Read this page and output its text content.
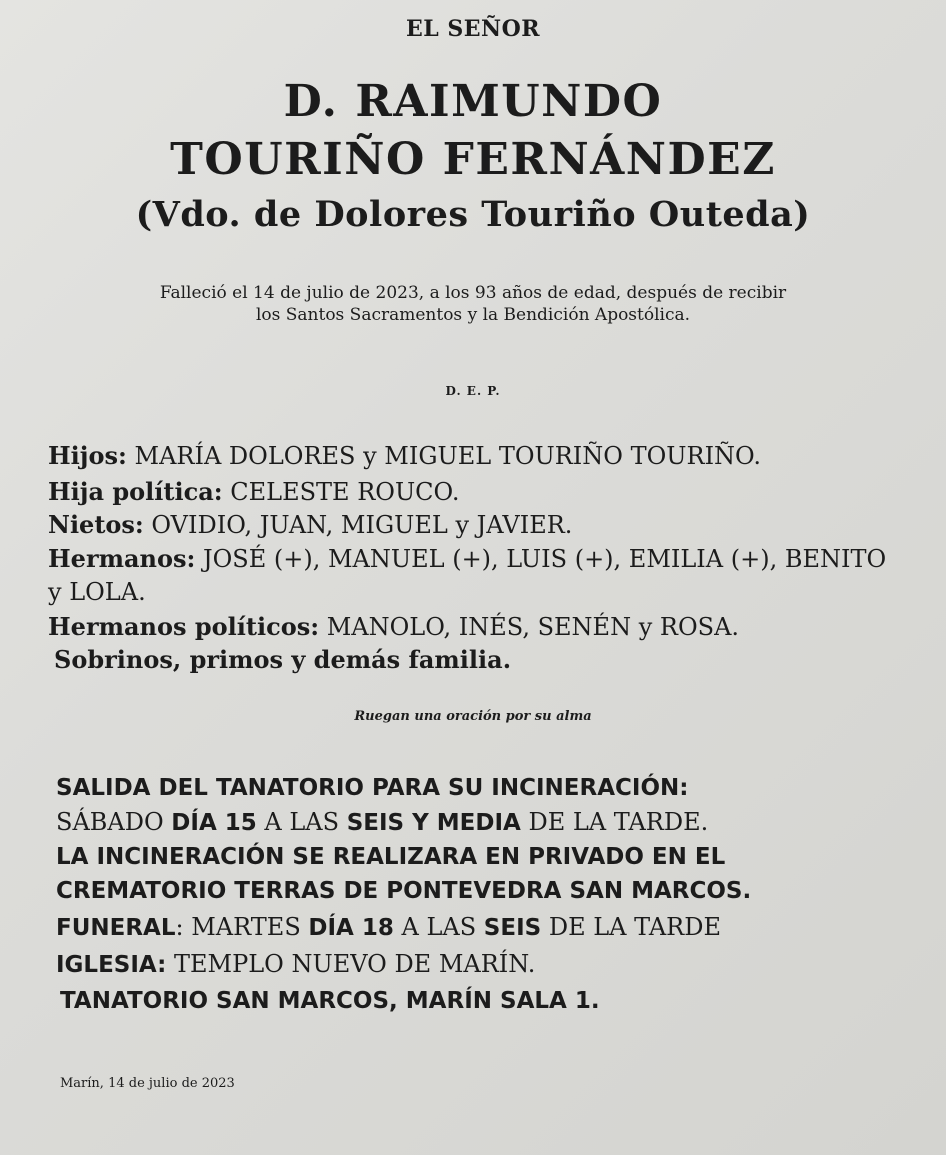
EL SEÑOR
D. RAIMUNDO
TOURIÑO FERNÁNDEZ
(Vdo. de Dolores Touriño Outeda)
Falleció el 14 de julio de 2023, a los 93 años de edad, después de recibir
los Santos Sacramentos y la Bendición Apostólica.
D. E. P.
Hijos: MARÍA DOLORES y MIGUEL TOURIÑO TOURIÑO.
Hija política: CELESTE ROUCO.
Nietos: OVIDIO, JUAN, MIGUEL y JAVIER.
Hermanos: JOSÉ (+), MANUEL (+), LUIS (+), EMILIA (+), BENITO
y LOLA.
Hermanos políticos: MANOLO, INÉS, SENÉN y ROSA.
Sobrinos, primos y demás familia.
Ruegan una oración por su alma
SALIDA DEL TANATORIO PARA SU INCINERACIÓN:
SÁBADO DÍA 15 A LAS SEIS Y MEDIA DE LA TARDE.
LA INCINERACIÓN SE REALIZARA EN PRIVADO EN EL
CREMATORIO TERRAS DE PONTEVEDRA SAN MARCOS.
FUNERAL: MARTES DÍA 18 A LAS SEIS DE LA TARDE
IGLESIA: TEMPLO NUEVO DE MARÍN.
TANATORIO SAN MARCOS, MARÍN SALA 1.
Marín, 14 de julio de 2023
